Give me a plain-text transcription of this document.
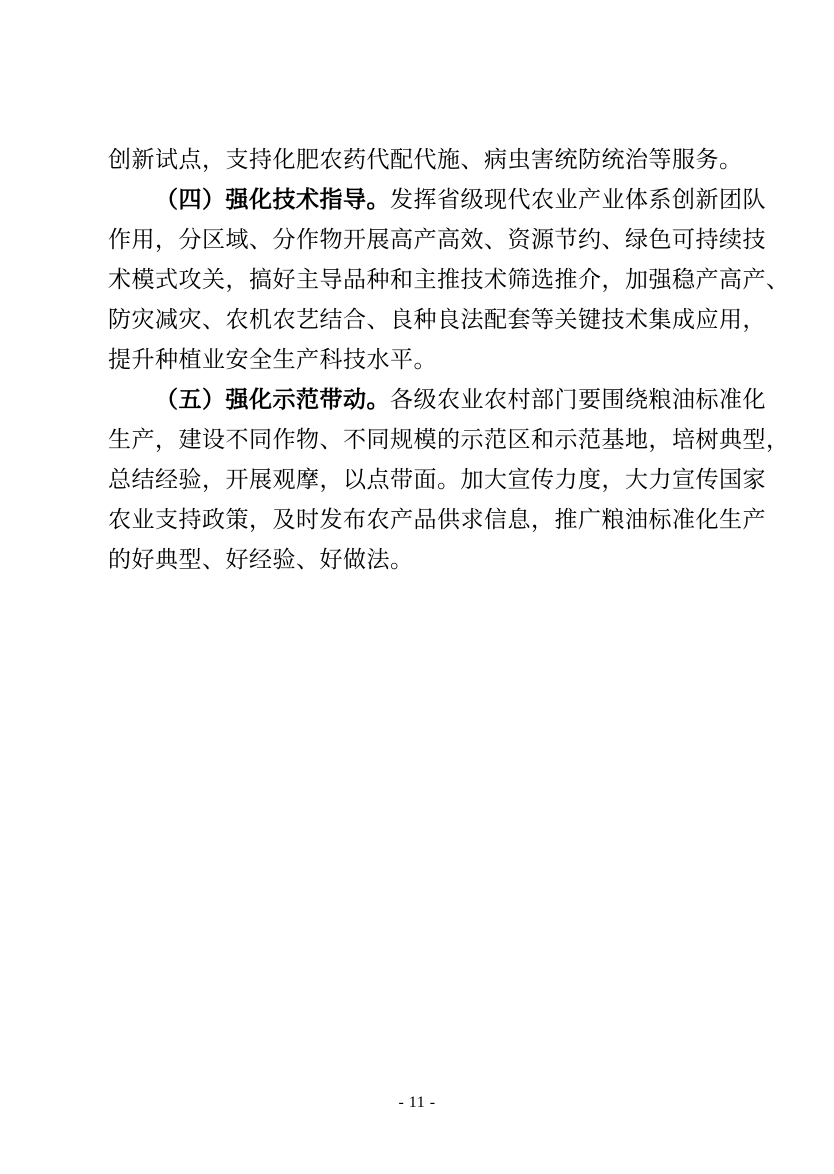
创新试点，支持化肥农药代配代施、病虫害统防统治等服务。
（四）强化技术指导。发挥省级现代农业产业体系创新团队
作用，分区域、分作物开展高产高效、资源节约、绿色可持续技
术模式攻关，搞好主导品种和主推技术筛选推介，加强稳产高产、
防灾减灾、农机农艺结合、良种良法配套等关键技术集成应用，
提升种植业安全生产科技水平。
（五）强化示范带动。各级农业农村部门要围绕粮油标准化
生产，建设不同作物、不同规模的示范区和示范基地，培树典型，
总结经验，开展观摩，以点带面。加大宣传力度，大力宣传国家
农业支持政策，及时发布农产品供求信息，推广粮油标准化生产
的好典型、好经验、好做法。
- 11 -
